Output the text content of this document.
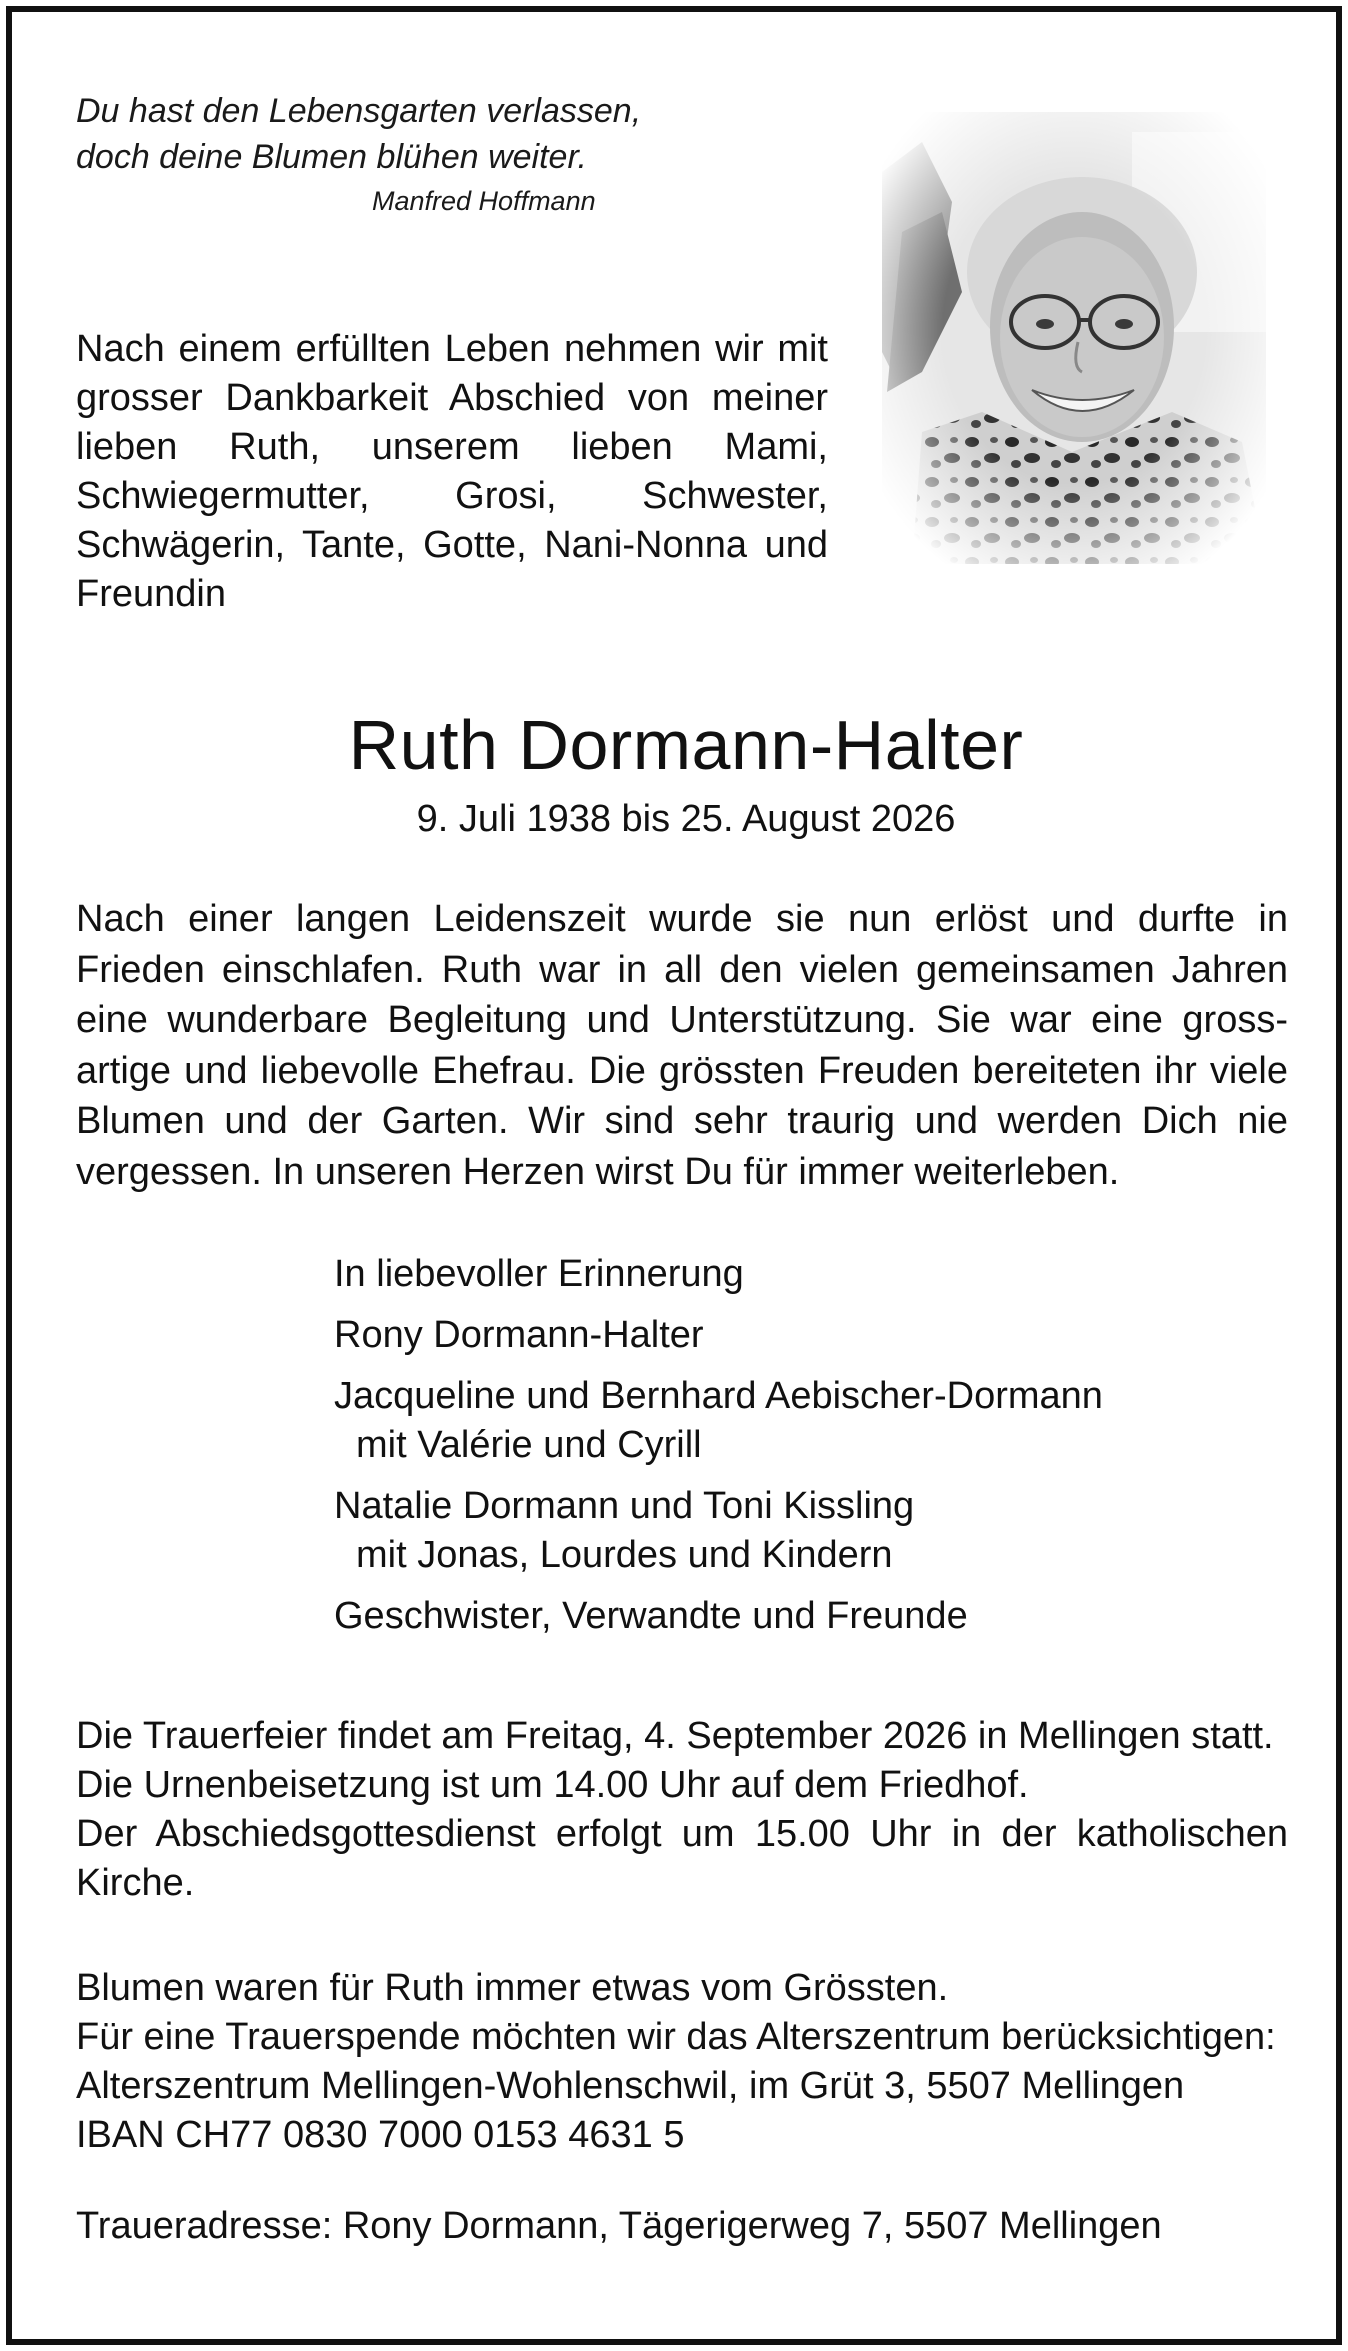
Du hast den Lebensgarten verlassen,
doch deine Blumen blühen weiter.
Manfred Hoffmann
Nach einem erfüllten Leben nehmen wir mit grosser Dankbarkeit Abschied von meiner lieben Ruth, unserem lieben Mami, Schwiegermutter, Grosi, Schwester, Schwägerin, Tante, Gotte, Nani-Nonna und Freundin
Ruth Dormann-Halter
9. Juli 1938 bis 25. August 2026
Nach einer langen Leidenszeit wurde sie nun erlöst und durfte in Frieden einschlafen. Ruth war in all den vielen gemeinsamen Jahren eine wunderbare Begleitung und Unterstützung. Sie war eine grossartige und liebevolle Ehefrau. Die grössten Freuden bereiteten ihr viele Blumen und der Garten. Wir sind sehr traurig und werden Dich nie vergessen. In unseren Herzen wirst Du für immer weiterleben.
In liebevoller Erinnerung
Rony Dormann-Halter
Jacqueline und Bernhard Aebischer-Dormann
mit Valérie und Cyrill
Natalie Dormann und Toni Kissling
mit Jonas, Lourdes und Kindern
Geschwister, Verwandte und Freunde
Die Trauerfeier findet am Freitag, 4. September 2026 in Mellingen statt.
Die Urnenbeisetzung ist um 14.00 Uhr auf dem Friedhof.
Der Abschiedsgottesdienst erfolgt um 15.00 Uhr in der katholischen Kirche.
Blumen waren für Ruth immer etwas vom Grössten.
Für eine Trauerspende möchten wir das Alterszentrum berücksichtigen:
Alterszentrum Mellingen-Wohlenschwil, im Grüt 3, 5507 Mellingen
IBAN CH77 0830 7000 0153 4631 5
Traueradresse: Rony Dormann, Tägerigerweg 7, 5507 Mellingen
